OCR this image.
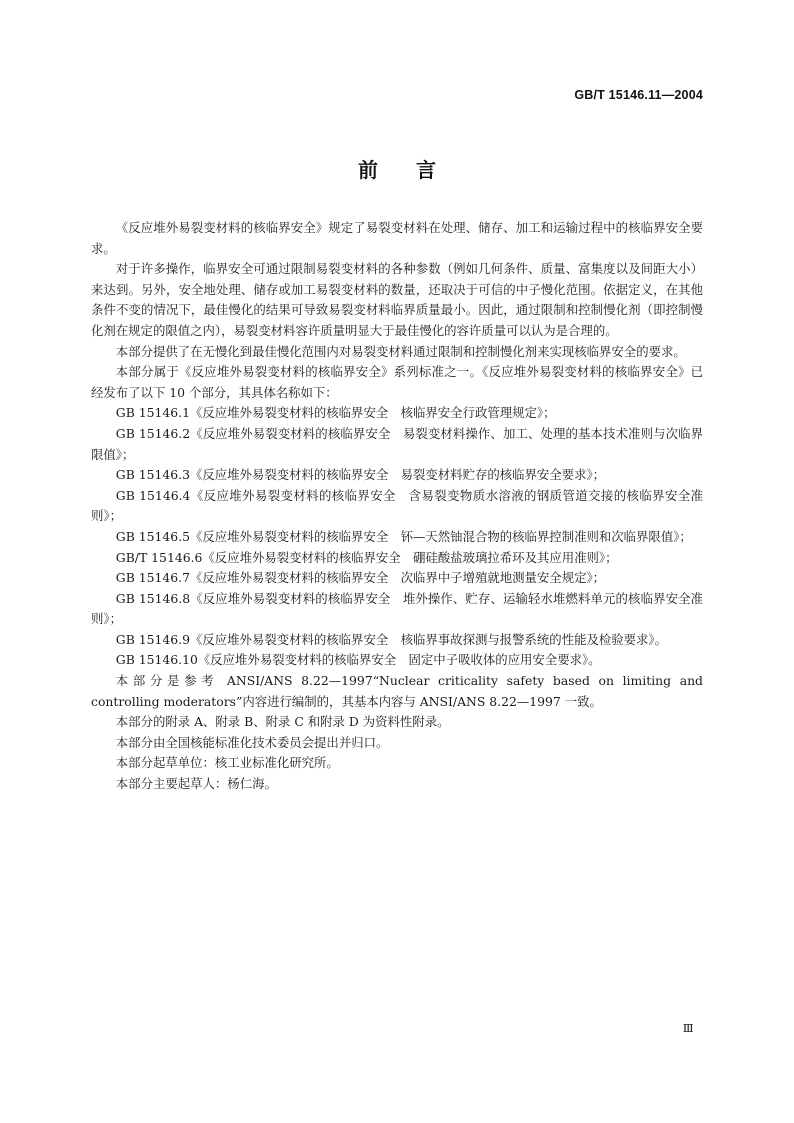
GB/T 15146.11—2004
前言

《反应堆外易裂变材料的核临界安全》规定了易裂变材料在处理、储存、加工和运输过程中的核临界安全要求。

对于许多操作，临界安全可通过限制易裂变材料的各种参数（例如几何条件、质量、富集度以及间距大小）来达到。另外，安全地处理、储存或加工易裂变材料的数量，还取决于可信的中子慢化范围。依据定义，在其他条件不变的情况下，最佳慢化的结果可导致易裂变材料临界质量最小。因此，通过限制和控制慢化剂（即控制慢化剂在规定的限值之内），易裂变材料容许质量明显大于最佳慢化的容许质量可以认为是合理的。

本部分提供了在无慢化到最佳慢化范围内对易裂变材料通过限制和控制慢化剂来实现核临界安全的要求。

本部分属于《反应堆外易裂变材料的核临界安全》系列标准之一。《反应堆外易裂变材料的核临界安全》已经发布了以下 10 个部分，其具体名称如下：

GB 15146.1《反应堆外易裂变材料的核临界安全　核临界安全行政管理规定》；

GB 15146.2《反应堆外易裂变材料的核临界安全　易裂变材料操作、加工、处理的基本技术准则与次临界限值》；

GB 15146.3《反应堆外易裂变材料的核临界安全　易裂变材料贮存的核临界安全要求》；

GB 15146.4《反应堆外易裂变材料的核临界安全　含易裂变物质水溶液的钢质管道交接的核临界安全准则》；

GB 15146.5《反应堆外易裂变材料的核临界安全　钚—天然铀混合物的核临界控制准则和次临界限值》；

GB/T 15146.6《反应堆外易裂变材料的核临界安全　硼硅酸盐玻璃拉希环及其应用准则》；

GB 15146.7《反应堆外易裂变材料的核临界安全　次临界中子增殖就地测量安全规定》；

GB 15146.8《反应堆外易裂变材料的核临界安全　堆外操作、贮存、运输轻水堆燃料单元的核临界安全准则》；

GB 15146.9《反应堆外易裂变材料的核临界安全　核临界事故探测与报警系统的性能及检验要求》。

GB 15146.10《反应堆外易裂变材料的核临界安全　固定中子吸收体的应用安全要求》。

本部分是参考 ANSI/ANS 8.22—1997“Nuclear criticality safety based on limiting and controlling moderators”内容进行编制的，其基本内容与 ANSI/ANS 8.22—1997 一致。

本部分的附录 A、附录 B、附录 C 和附录 D 为资料性附录。

本部分由全国核能标准化技术委员会提出并归口。

本部分起草单位：核工业标准化研究所。

本部分主要起草人：杨仁海。

Ⅲ
